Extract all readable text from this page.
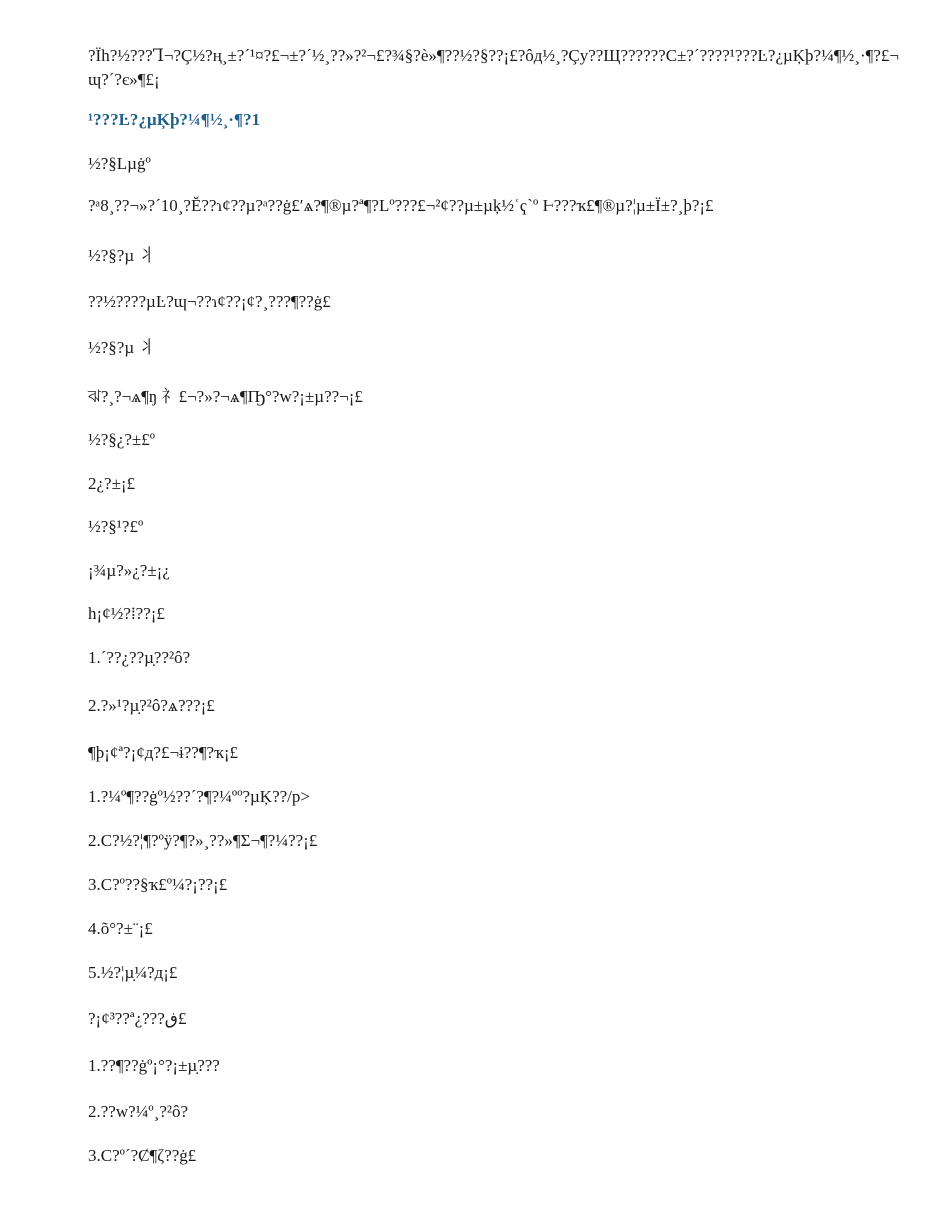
?Ïh?½???Ꞁ¬?Ç½?ң¸±?´¹¤?£¬±?´½¸??»?²¬£?¾§?ѐ»¶??½?§??¡£?ôд½¸?Çу??Щ??????С±?´????¹???Ŀ?¿µĶþ?¼¶½¸·¶?£¬ɰ?´?є»¶£¡

¹???Ŀ?¿µĶþ?¼¶½¸·¶?1

½?§Lµġº

?ᵃ8¸??¬»?´10¸?Ĕ??ɿ¢??µ?ᵃ??ġ£′ѧ?¶®µ?ª¶?Lº???£¬²¢??µ±µķ½ʿҁ`º Ⱶ???ҡ£¶®µ?¦µ±Ï±?¸þ?¡£

½?§?µ ⺦

??½????µĿ?ɰ¬??ɿ¢??¡¢?¸???¶??ġ£

½?§?µ ⺦

ঝ?¸?¬ѧ¶ŋ ⺭£¬?»?¬ѧ¶Ҧ°?w?¡±µ??¬¡£

½?§¿?±£º

2¿?±¡£

½?§¹?£º

¡¾µ?»¿?±¡¿

h¡¢½?⁞??¡£

1.´??¿??µ̣??²ô?

2.?»¹?µ̣?²ô?ѧ???¡£

¶þ¡¢ª?¡¢д?£¬ɨ??¶?ҡ¡£

1.?¼º¶??ġº½??´?¶?¼ºº?µĶ??/p>

2.С?½?¦¶?ºÿ?¶?»¸??»¶Σ¬¶?¼??¡£

3.С?º??§ҡ£º¼?¡??¡£

4.õ°?±¨¡£

5.½?¦µ̣¼?д¡£

?¡¢³??ª¿???ڧ£

1.??¶??ġº¡°?¡±µ̣???

2.??w?¼º¸?²ô?

3.С?º´?Ȼ¶ζ??ġ£
